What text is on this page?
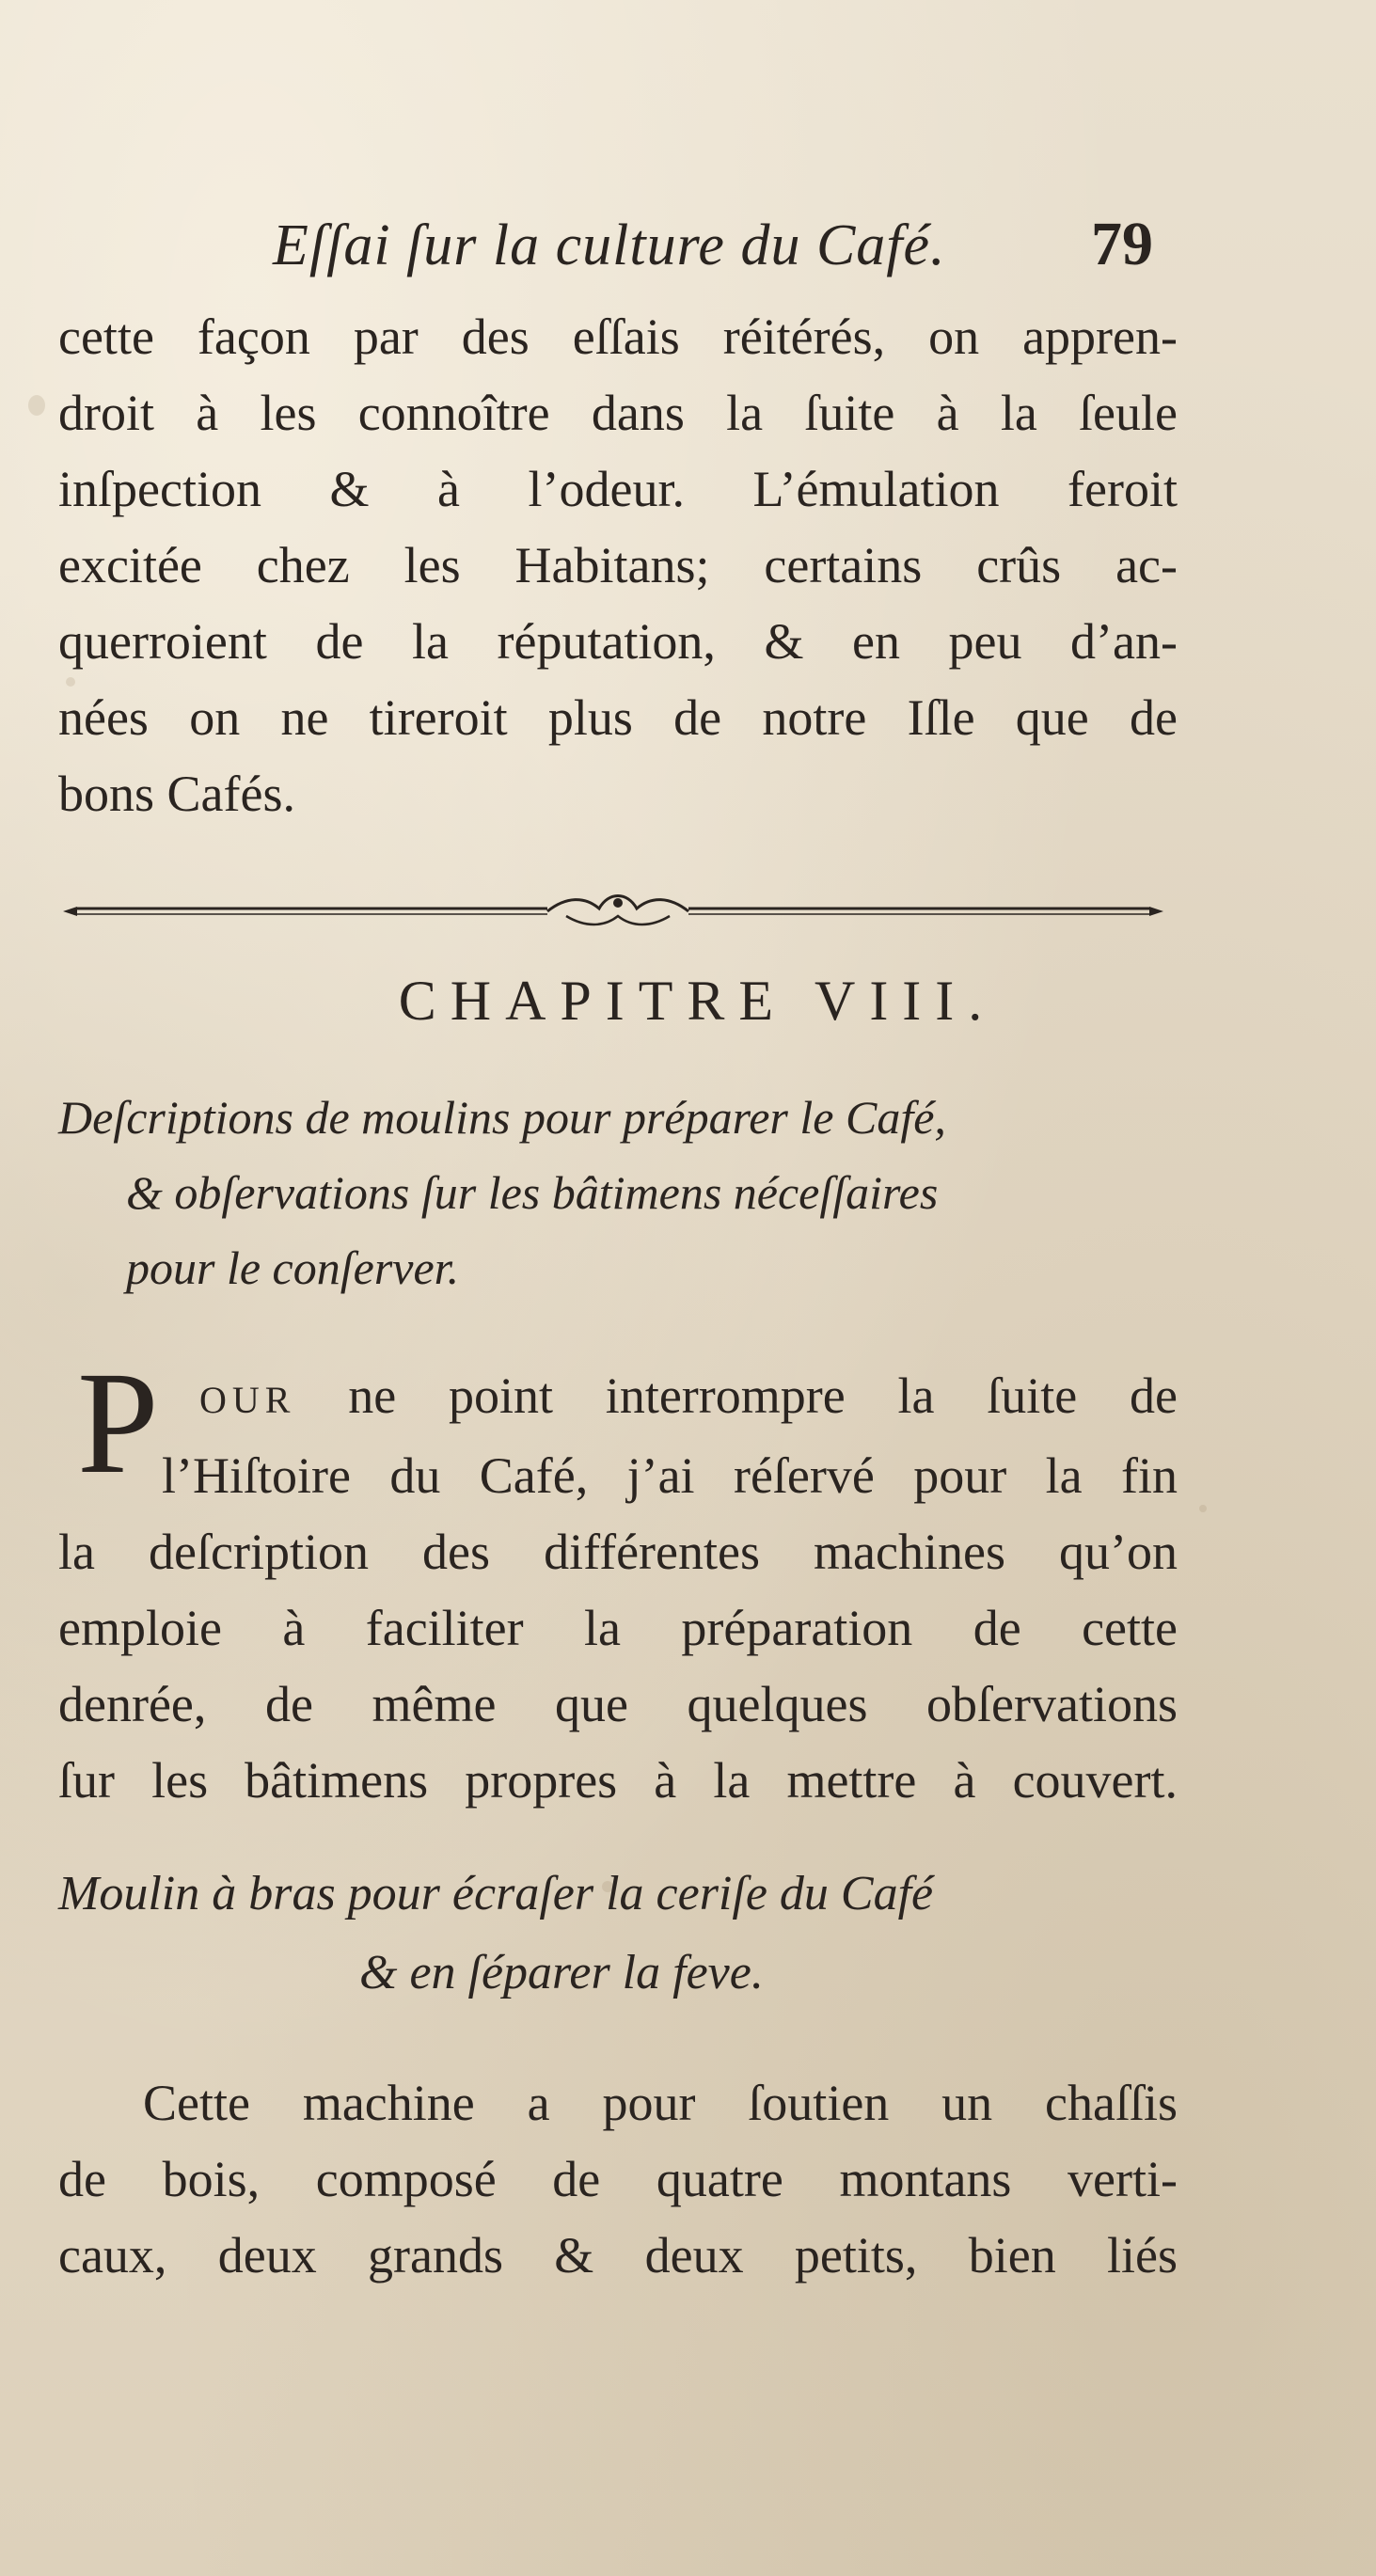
Eſſai ſur la culture du Café. 79
cette façon par des eſſais réitérés, on appren-
droit à les connoître dans la ſuite à la ſeule
inſpection & à l’odeur. L’émulation feroit
excitée chez les Habitans; certains crûs ac-
querroient de la réputation, & en peu d’an-
nées on ne tireroit plus de notre Iſle que de
bons Cafés.
CHAPITRE VIII.
Deſcriptions de moulins pour préparer le Café,
& obſervations ſur les bâtimens néceſſaires
pour le conſerver.
P	OUR ne point interrompre la ſuite de
l’Hiſtoire du Café, j’ai réſervé pour la fin
la deſcription des différentes machines qu’on
emploie à faciliter la préparation de cette
denrée, de même que quelques obſervations
ſur les bâtimens propres à la mettre à couvert.
Moulin à bras pour écraſer la ceriſe du Café
& en ſéparer la feve.
Cette machine a pour ſoutien un chaſſis
de bois, composé de quatre montans verti-
caux, deux grands & deux petits, bien liés
